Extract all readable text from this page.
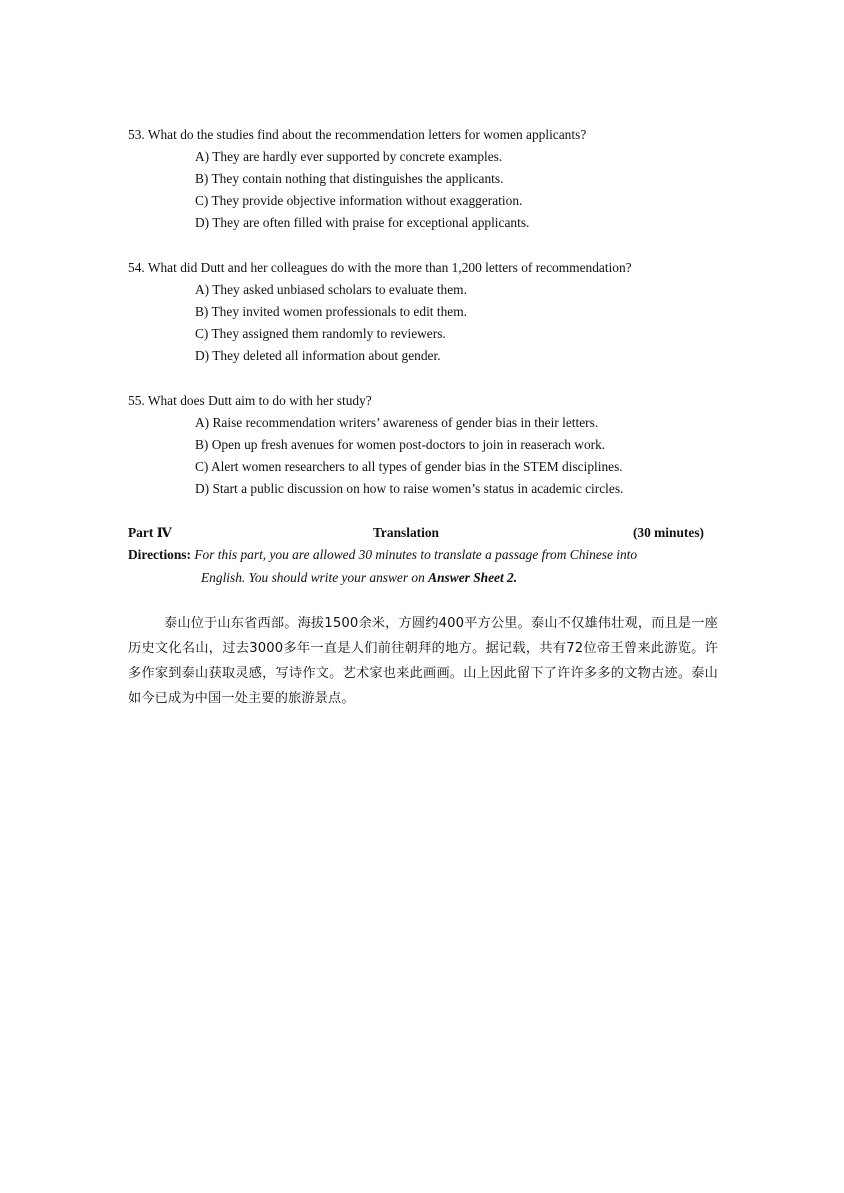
53. What do the studies find about the recommendation letters for women applicants?
A) They are hardly ever supported by concrete examples.
B) They contain nothing that distinguishes the applicants.
C) They provide objective information without exaggeration.
D) They are often filled with praise for exceptional applicants.
54. What did Dutt and her colleagues do with the more than 1,200 letters of recommendation?
A) They asked unbiased scholars to evaluate them.
B) They invited women professionals to edit them.
C) They assigned them randomly to reviewers.
D) They deleted all information about gender.
55. What does Dutt aim to do with her study?
A) Raise recommendation writers’ awareness of gender bias in their letters.
B) Open up fresh avenues for women post-doctors to join in reaserach work.
C) Alert women researchers to all types of gender bias in the STEM disciplines.
D) Start a public discussion on how to raise women’s status in academic circles.
Part Ⅳ	Translation	(30 minutes)
Directions: For this part, you are allowed 30 minutes to translate a passage from Chinese into
English. You should write your answer on Answer Sheet 2.
泰山位于山东省西部。海拔1500余米，方圆约400平方公里。泰山不仅雄伟壮观，而且是一座历史文化名山，过去3000多年一直是人们前往朝拜的地方。据记载，共有72位帝王曾来此游览。许多作家到泰山获取灵感，写诗作文。艺术家也来此画画。山上因此留下了许许多多的文物古迹。泰山如今已成为中国一处主要的旅游景点。
